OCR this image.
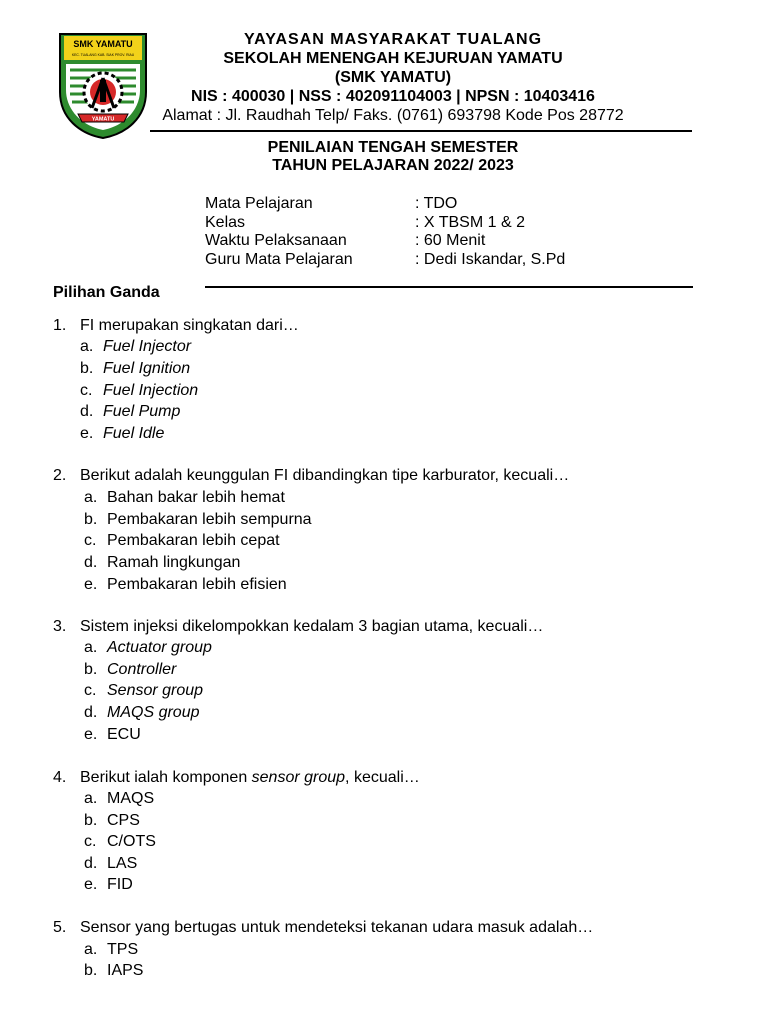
SMK YAMATU
KEC. TUALANG KAB. SIAK PROV. RIAU
YAMATU
YAYASAN MASYARAKAT TUALANG
SEKOLAH MENENGAH KEJURUAN YAMATU
(SMK YAMATU)
NIS : 400030 | NSS : 402091104003 | NPSN : 10403416
Alamat : Jl. Raudhah Telp/ Faks. (0761) 693798 Kode Pos 28772
PENILAIAN TENGAH SEMESTER
TAHUN PELAJARAN 2022/ 2023
Mata Pelajaran	: TDO
Kelas	: X TBSM 1 & 2
Waktu Pelaksanaan	: 60 Menit
Guru Mata Pelajaran	: Dedi Iskandar, S.Pd
Pilihan Ganda
1. FI merupakan singkatan dari…
a. Fuel Injector
b. Fuel Ignition
c. Fuel Injection
d. Fuel Pump
e. Fuel Idle
2. Berikut adalah keunggulan FI dibandingkan tipe karburator, kecuali…
a. Bahan bakar lebih hemat
b. Pembakaran lebih sempurna
c. Pembakaran lebih cepat
d. Ramah lingkungan
e. Pembakaran lebih efisien
3. Sistem injeksi dikelompokkan kedalam 3 bagian utama, kecuali…
a. Actuator group
b. Controller
c. Sensor group
d. MAQS group
e. ECU
4. Berikut ialah komponen sensor group, kecuali…
a. MAQS
b. CPS
c. C/OTS
d. LAS
e. FID
5. Sensor yang bertugas untuk mendeteksi tekanan udara masuk adalah…
a. TPS
b. IAPS
